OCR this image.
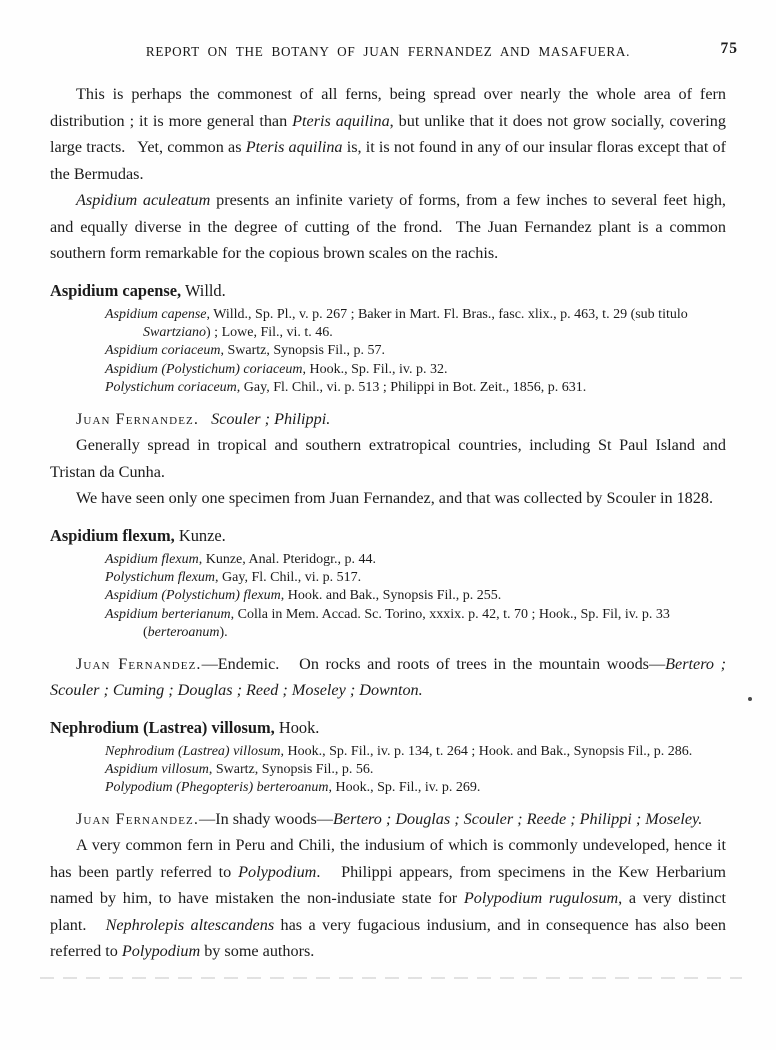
REPORT ON THE BOTANY OF JUAN FERNANDEZ AND MASAFUERA.	75

This is perhaps the commonest of all ferns, being spread over nearly the whole area of fern distribution ; it is more general than Pteris aquilina, but unlike that it does not grow socially, covering large tracts.   Yet, common as Pteris aquilina is, it is not found in any of our insular floras except that of the Bermudas.

Aspidium aculeatum presents an infinite variety of forms, from a few inches to several feet high, and equally diverse in the degree of cutting of the frond.  The Juan Fernandez plant is a common southern form remarkable for the copious brown scales on the rachis.

Aspidium capense, Willd.
Aspidium capense, Willd., Sp. Pl., v. p. 267 ; Baker in Mart. Fl. Bras., fasc. xlix., p. 463, t. 29 (sub titulo Swartziano) ; Lowe, Fil., vi. t. 46.
Aspidium coriaceum, Swartz, Synopsis Fil., p. 57.
Aspidium (Polystichum) coriaceum, Hook., Sp. Fil., iv. p. 32.
Polystichum coriaceum, Gay, Fl. Chil., vi. p. 513 ; Philippi in Bot. Zeit., 1856, p. 631.

Juan Fernandez. Scouler ; Philippi.

Generally spread in tropical and southern extratropical countries, including St Paul Island and Tristan da Cunha.

We have seen only one specimen from Juan Fernandez, and that was collected by Scouler in 1828.

Aspidium flexum, Kunze.
Aspidium flexum, Kunze, Anal. Pteridogr., p. 44.
Polystichum flexum, Gay, Fl. Chil., vi. p. 517.
Aspidium (Polystichum) flexum, Hook. and Bak., Synopsis Fil., p. 255.
Aspidium berterianum, Colla in Mem. Accad. Sc. Torino, xxxix. p. 42, t. 70 ; Hook., Sp. Fil, iv. p. 33 (berteroanum).

Juan Fernandez.—Endemic.   On rocks and roots of trees in the mountain woods—Bertero ; Scouler ; Cuming ; Douglas ; Reed ; Moseley ; Downton.

Nephrodium (Lastrea) villosum, Hook.
Nephrodium (Lastrea) villosum, Hook., Sp. Fil., iv. p. 134, t. 264 ; Hook. and Bak., Synopsis Fil., p. 286.
Aspidium villosum, Swartz, Synopsis Fil., p. 56.
Polypodium (Phegopteris) berteroanum, Hook., Sp. Fil., iv. p. 269.

Juan Fernandez.—In shady woods—Bertero ; Douglas ; Scouler ; Reede ; Philippi ; Moseley.

A very common fern in Peru and Chili, the indusium of which is commonly undeveloped, hence it has been partly referred to Polypodium.   Philippi appears, from specimens in the Kew Herbarium named by him, to have mistaken the non-indusiate state for Polypodium rugulosum, a very distinct plant.   Nephrolepis altescandens has a very fugacious indusium, and in consequence has also been referred to Polypodium by some authors.
